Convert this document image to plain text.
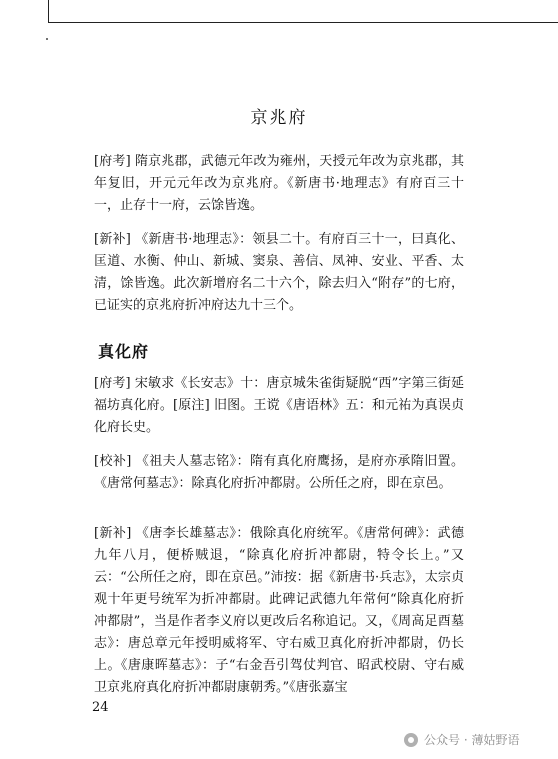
京兆府

[府考] 隋京兆郡，武德元年改为雍州，天授元年改为京兆郡，其年复旧，开元元年改为京兆府。《新唐书·地理志》有府百三十一，止存十一府，云馀皆逸。

[新补] 《新唐书·地理志》：领县二十。有府百三十一，曰真化、匡道、水衡、仲山、新城、窦泉、善信、凤神、安业、平香、太清，馀皆逸。此次新增府名二十六个，除去归入“附存”的七府，已证实的京兆府折冲府达九十三个。

真化府

[府考] 宋敏求《长安志》十：唐京城朱雀街疑脱“西”字第三街延福坊真化府。[原注] 旧图。王谠《唐语林》五：和元祐为真误贞化府长史。

[校补] 《祖夫人墓志铭》：隋有真化府鹰扬，是府亦承隋旧置。《唐常何墓志》：除真化府折冲都尉。公所任之府，即在京邑。

[新补] 《唐李长雄墓志》：俄除真化府统军。《唐常何碑》：武德九年八月，便桥贼退，“除真化府折冲都尉，特令长上。”又云：“公所任之府，即在京邑。”沛按：据《新唐书·兵志》，太宗贞观十年更号统军为折冲都尉。此碑记武德九年常何“除真化府折冲都尉”，当是作者李义府以更改后名称追记。又，《周高足酉墓志》：唐总章元年授明威将军、守右威卫真化府折冲都尉，仍长上。《唐康晖墓志》：子“右金吾引驾仗判官、昭武校尉、守右威卫京兆府真化府折冲都尉康朝秀。”《唐张嘉宝

24
公众号 · 薄姑野语
